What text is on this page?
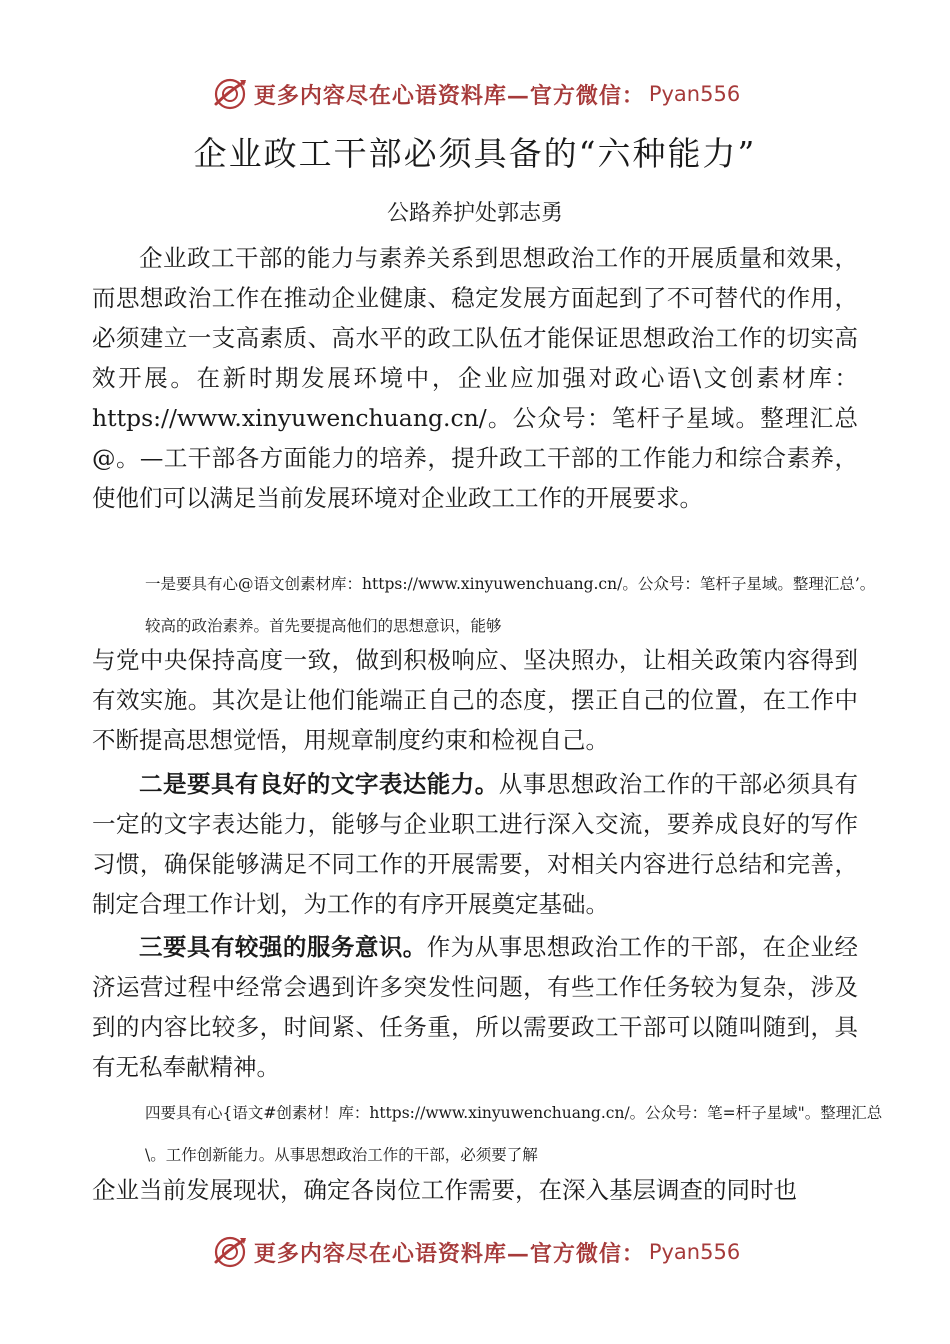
更多内容尽在心语资料库—官方微信： Pyan556
企业政工干部必须具备的“六种能力”
公路养护处郭志勇

企业政工干部的能力与素养关系到思想政治工作的开展质量和效果，而思想政治工作在推动企业健康、稳定发展方面起到了不可替代的作用，必须建立一支高素质、高水平的政工队伍才能保证思想政治工作的切实高效开展。在新时期发展环境中，企业应加强对政心语\文创素材库：https://www.xinyuwenchuang.cn/。公众号：笔杆子星域。整理汇总@。—工干部各方面能力的培养，提升政工干部的工作能力和综合素养，使他们可以满足当前发展环境对企业政工工作的开展要求。

一是要具有心@语文创素材库：https://www.xinyuwenchuang.cn/。公众号：笔杆子星域。整理汇总’。较高的政治素养。首先要提高他们的思想意识，能够

与党中央保持高度一致，做到积极响应、坚决照办，让相关政策内容得到有效实施。其次是让他们能端正自己的态度，摆正自己的位置，在工作中不断提高思想觉悟，用规章制度约束和检视自己。

二是要具有良好的文字表达能力。从事思想政治工作的干部必须具有一定的文字表达能力，能够与企业职工进行深入交流，要养成良好的写作习惯，确保能够满足不同工作的开展需要，对相关内容进行总结和完善，制定合理工作计划，为工作的有序开展奠定基础。

三要具有较强的服务意识。作为从事思想政治工作的干部，在企业经济运营过程中经常会遇到许多突发性问题，有些工作任务较为复杂，涉及到的内容比较多，时间紧、任务重，所以需要政工干部可以随叫随到，具有无私奉献精神。

四要具有心{语文#创素材！库：https://www.xinyuwenchuang.cn/。公众号：笔=杆子星域"。整理汇总\。工作创新能力。从事思想政治工作的干部，必须要了解

企业当前发展现状，确定各岗位工作需要，在深入基层调查的同时也

更多内容尽在心语资料库—官方微信： Pyan556
